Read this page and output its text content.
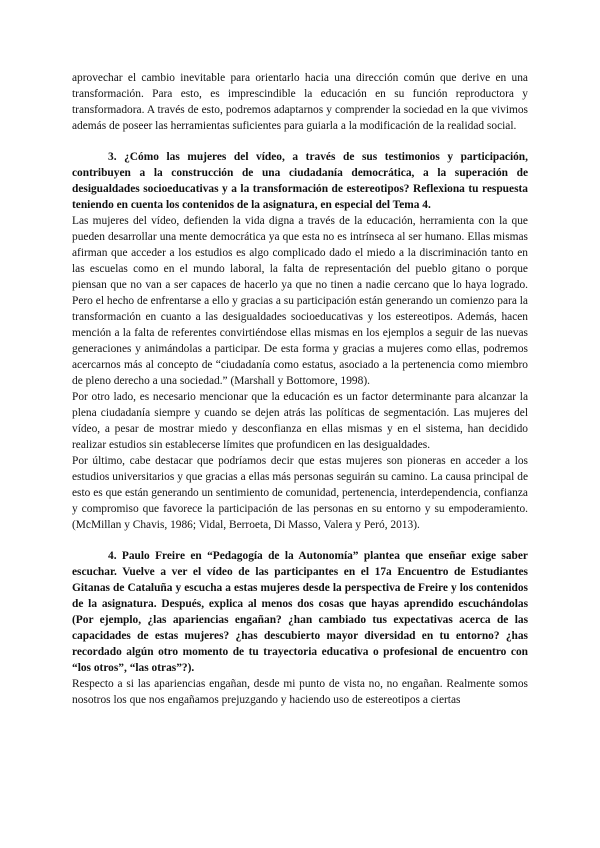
aprovechar el cambio inevitable para orientarlo hacia una dirección común que derive en una transformación. Para esto, es imprescindible la educación en su función reproductora y transformadora. A través de esto, podremos adaptarnos y comprender la sociedad en la que vivimos además de poseer las herramientas suficientes para guiarla a la modificación de la realidad social.

3. ¿Cómo las mujeres del vídeo, a través de sus testimonios y participación, contribuyen a la construcción de una ciudadanía democrática, a la superación de desigualdades socioeducativas y a la transformación de estereotipos? Reflexiona tu respuesta teniendo en cuenta los contenidos de la asignatura, en especial del Tema 4.

Las mujeres del vídeo, defienden la vida digna a través de la educación, herramienta con la que pueden desarrollar una mente democrática ya que esta no es intrínseca al ser humano. Ellas mismas afirman que acceder a los estudios es algo complicado dado el miedo a la discriminación tanto en las escuelas como en el mundo laboral, la falta de representación del pueblo gitano o porque piensan que no van a ser capaces de hacerlo ya que no tinen a nadie cercano que lo haya logrado. Pero el hecho de enfrentarse a ello y gracias a su participación están generando un comienzo para la transformación en cuanto a las desigualdades socioeducativas y los estereotipos. Además, hacen mención a la falta de referentes convirtiéndose ellas mismas en los ejemplos a seguir de las nuevas generaciones y animándolas a participar. De esta forma y gracias a mujeres como ellas, podremos acercarnos más al concepto de “ciudadanía como estatus, asociado a la pertenencia como miembro de pleno derecho a una sociedad.” (Marshall y Bottomore, 1998).

Por otro lado, es necesario mencionar que la educación es un factor determinante para alcanzar la plena ciudadanía siempre y cuando se dejen atrás las políticas de segmentación. Las mujeres del vídeo, a pesar de mostrar miedo y desconfianza en ellas mismas y en el sistema, han decidido realizar estudios sin establecerse límites que profundicen en las desigualdades.

Por último, cabe destacar que podríamos decir que estas mujeres son pioneras en acceder a los estudios universitarios y que gracias a ellas más personas seguirán su camino. La causa principal de esto es que están generando un sentimiento de comunidad, pertenencia, interdependencia, confianza y compromiso que favorece la participación de las personas en su entorno y su empoderamiento. (McMillan y Chavis, 1986; Vidal, Berroeta, Di Masso, Valera y Peró, 2013).

4. Paulo Freire en “Pedagogía de la Autonomía” plantea que enseñar exige saber escuchar. Vuelve a ver el vídeo de las participantes en el 17a Encuentro de Estudiantes Gitanas de Cataluña y escucha a estas mujeres desde la perspectiva de Freire y los contenidos de la asignatura. Después, explica al menos dos cosas que hayas aprendido escuchándolas (Por ejemplo, ¿las apariencias engañan? ¿han cambiado tus expectativas acerca de las capacidades de estas mujeres? ¿has descubierto mayor diversidad en tu entorno? ¿has recordado algún otro momento de tu trayectoria educativa o profesional de encuentro con “los otros”, “las otras”?).

Respecto a si las apariencias engañan, desde mi punto de vista no, no engañan. Realmente somos nosotros los que nos engañamos prejuzgando y haciendo uso de estereotipos a ciertas
